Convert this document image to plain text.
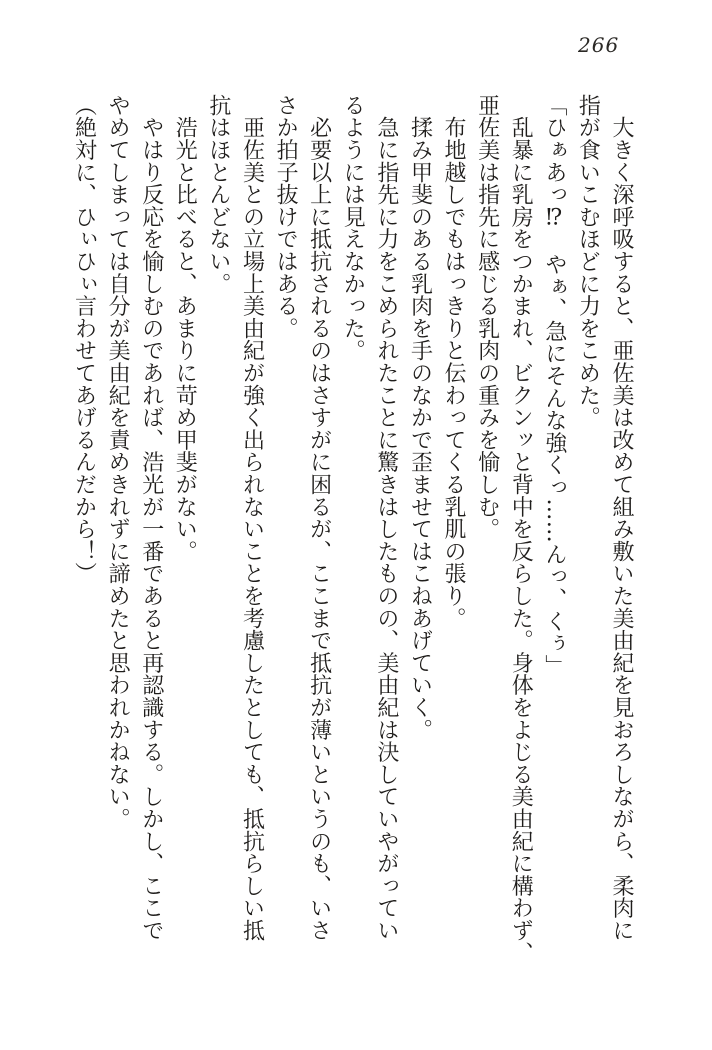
266

　大きく深呼吸すると、亜佐美は改めて組み敷いた美由紀を見おろしながら、柔肉に

指が食いこむほどに力をこめた。

「ひぁあっ⁉　やぁ、急にそんな強くっ……んっ、くぅ」

　乱暴に乳房をつかまれ、ビクンッと背中を反らした。身体をよじる美由紀に構わず、

亜佐美は指先に感じる乳肉の重みを愉しむ。

　布地越しでもはっきりと伝わってくる乳肌の張り。

　揉み甲斐のある乳肉を手のなかで歪ませてはこねあげていく。

　急に指先に力をこめられたことに驚きはしたものの、美由紀は決していやがってい

るようには見えなかった。

　必要以上に抵抗されるのはさすがに困るが、ここまで抵抗が薄いというのも、いさ

さか拍子抜けではある。

　亜佐美との立場上美由紀が強く出られないことを考慮したとしても、抵抗らしい抵

抗はほとんどない。

　浩光と比べると、あまりに苛め甲斐がない。

　やはり反応を愉しむのであれば、浩光が一番であると再認識する。しかし、ここで

やめてしまっては自分が美由紀を責めきれずに諦めたと思われかねない。

（絶対に、ひぃひぃ言わせてあげるんだから！）
